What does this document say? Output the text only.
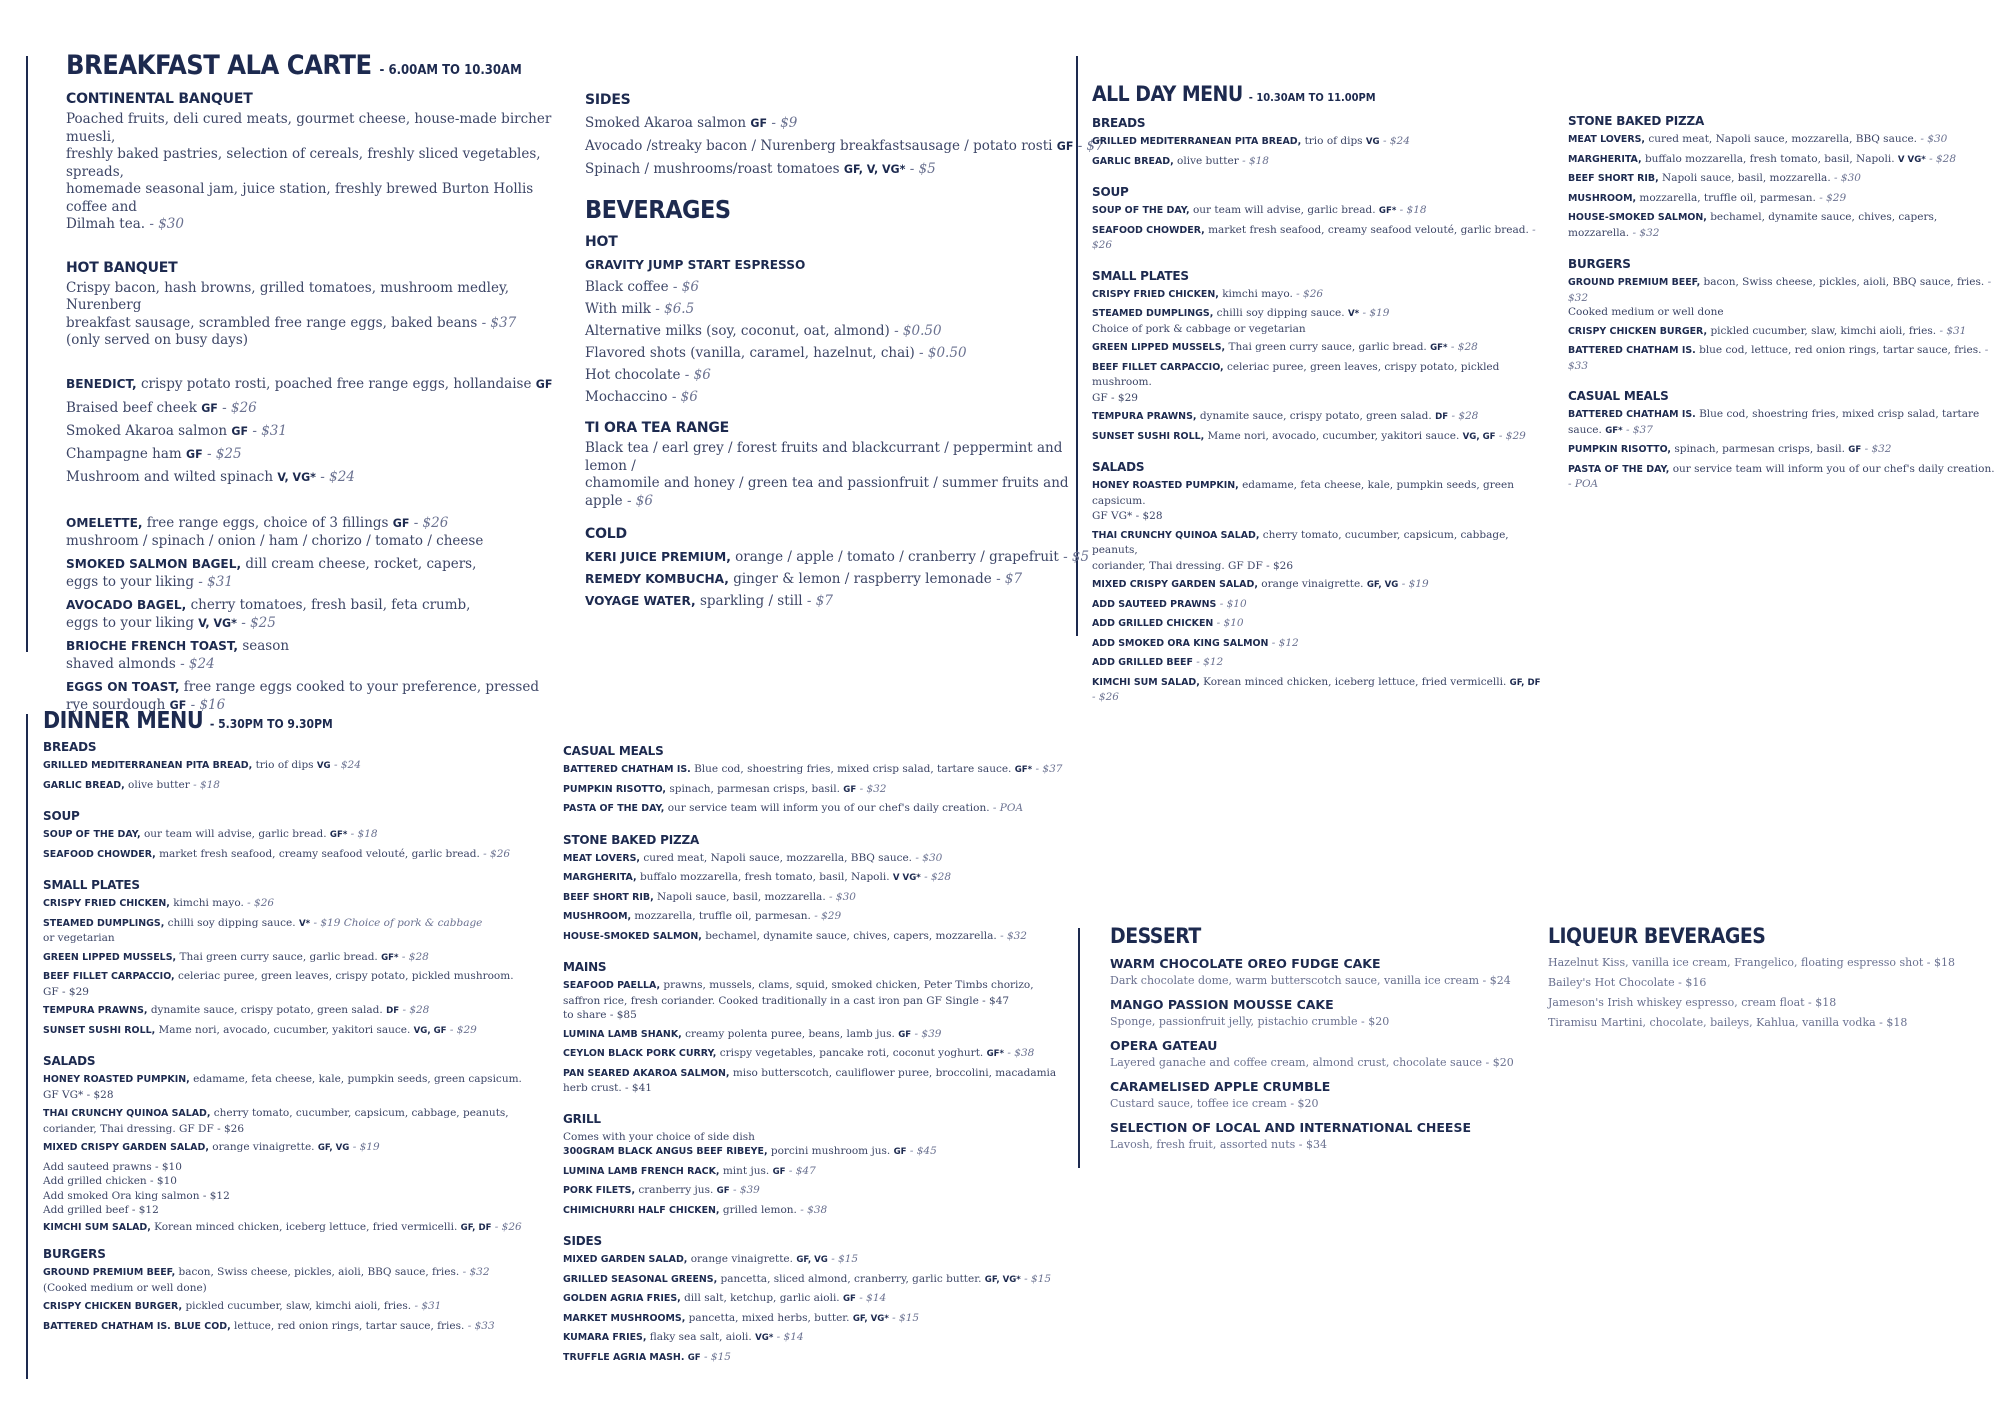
BREAKFAST ALA CARTE - 6.00AM TO 10.30AM
CONTINENTAL BANQUET
Poached fruits, deli cured meats, gourmet cheese, house-made bircher muesli,
freshly baked pastries, selection of cereals, freshly sliced vegetables, spreads,
homemade seasonal jam, juice station, freshly brewed Burton Hollis coffee and
Dilmah tea. - $30
HOT BANQUET
Crispy bacon, hash browns, grilled tomatoes, mushroom medley, Nurenberg
breakfast sausage, scrambled free range eggs, baked beans - $37
(only served on busy days)
BENEDICT, crispy potato rosti, poached free range eggs, hollandaise GF
Braised beef cheek GF - $26
Smoked Akaroa salmon GF - $31
Champagne ham GF - $25
Mushroom and wilted spinach V, VG* - $24
OMELETTE, free range eggs, choice of 3 fillings GF - $26
mushroom / spinach / onion / ham / chorizo / tomato / cheese
SMOKED SALMON BAGEL, dill cream cheese, rocket, capers,
eggs to your liking - $31
AVOCADO BAGEL, cherry tomatoes, fresh basil, feta crumb,
eggs to your liking V, VG* - $25
BRIOCHE FRENCH TOAST, season
shaved almonds - $24
EGGS ON TOAST, free range eggs cooked to your preference, pressed
rye sourdough GF - $16
SIDES
Smoked Akaroa salmon GF - $9
Avocado /streaky bacon / Nurenberg breakfastsausage / potato rosti GF - $7
Spinach / mushrooms/roast tomatoes GF, V, VG* - $5
BEVERAGES
HOT
GRAVITY JUMP START ESPRESSO
Black coffee - $6
With milk - $6.5
Alternative milks (soy, coconut, oat, almond) - $0.50
Flavored shots (vanilla, caramel, hazelnut, chai) - $0.50
Hot chocolate - $6
Mochaccino - $6
TI ORA TEA RANGE
Black tea / earl grey / forest fruits and blackcurrant / peppermint and lemon /
chamomile and honey / green tea and passionfruit / summer fruits and apple - $6
COLD
KERI JUICE PREMIUM, orange / apple / tomato / cranberry / grapefruit - $5
REMEDY KOMBUCHA, ginger & lemon / raspberry lemonade - $7
VOYAGE WATER, sparkling / still - $7
ALL DAY MENU - 10.30AM TO 11.00PM
BREADS
GRILLED MEDITERRANEAN PITA BREAD, trio of dips VG - $24
GARLIC BREAD, olive butter - $18
SOUP
SOUP OF THE DAY, our team will advise, garlic bread. GF* - $18
SEAFOOD CHOWDER, market fresh seafood, creamy seafood velouté, garlic bread. - $26
SMALL PLATES
CRISPY FRIED CHICKEN, kimchi mayo. - $26
STEAMED DUMPLINGS, chilli soy dipping sauce. V* - $19
Choice of pork & cabbage or vegetarian
GREEN LIPPED MUSSELS, Thai green curry sauce, garlic bread. GF* - $28
BEEF FILLET CARPACCIO, celeriac puree, green leaves, crispy potato, pickled mushroom.
GF - $29
TEMPURA PRAWNS, dynamite sauce, crispy potato, green salad. DF - $28
SUNSET SUSHI ROLL, Mame nori, avocado, cucumber, yakitori sauce. VG, GF - $29
SALADS
HONEY ROASTED PUMPKIN, edamame, feta cheese, kale, pumpkin seeds, green capsicum.
GF VG* - $28
THAI CRUNCHY QUINOA SALAD, cherry tomato, cucumber, capsicum, cabbage, peanuts,
coriander, Thai dressing. GF DF - $26
MIXED CRISPY GARDEN SALAD, orange vinaigrette. GF, VG - $19
ADD SAUTEED PRAWNS - $10
ADD GRILLED CHICKEN - $10
ADD SMOKED ORA KING SALMON - $12
ADD GRILLED BEEF - $12
KIMCHI SUM SALAD, Korean minced chicken, iceberg lettuce, fried vermicelli. GF, DF - $26
STONE BAKED PIZZA
MEAT LOVERS, cured meat, Napoli sauce, mozzarella, BBQ sauce. - $30
MARGHERITA, buffalo mozzarella, fresh tomato, basil, Napoli. V VG* - $28
BEEF SHORT RIB, Napoli sauce, basil, mozzarella. - $30
MUSHROOM, mozzarella, truffle oil, parmesan. - $29
HOUSE-SMOKED SALMON, bechamel, dynamite sauce, chives, capers, mozzarella. - $32
BURGERS
GROUND PREMIUM BEEF, bacon, Swiss cheese, pickles, aioli, BBQ sauce, fries. - $32
Cooked medium or well done
CRISPY CHICKEN BURGER, pickled cucumber, slaw, kimchi aioli, fries. - $31
BATTERED CHATHAM IS. blue cod, lettuce, red onion rings, tartar sauce, fries. - $33
CASUAL MEALS
BATTERED CHATHAM IS. Blue cod, shoestring fries, mixed crisp salad, tartare sauce. GF* - $37
PUMPKIN RISOTTO, spinach, parmesan crisps, basil. GF - $32
PASTA OF THE DAY, our service team will inform you of our chef's daily creation. - POA
DINNER MENU - 5.30PM TO 9.30PM
BREADS
GRILLED MEDITERRANEAN PITA BREAD, trio of dips VG - $24
GARLIC BREAD, olive butter - $18
SOUP
SOUP OF THE DAY, our team will advise, garlic bread. GF* - $18
SEAFOOD CHOWDER, market fresh seafood, creamy seafood velouté, garlic bread. - $26
SMALL PLATES
CRISPY FRIED CHICKEN, kimchi mayo. - $26
STEAMED DUMPLINGS, chilli soy dipping sauce. V* - $19 Choice of pork & cabbage
or vegetarian
GREEN LIPPED MUSSELS, Thai green curry sauce, garlic bread. GF* - $28
BEEF FILLET CARPACCIO, celeriac puree, green leaves, crispy potato, pickled mushroom.
GF - $29
TEMPURA PRAWNS, dynamite sauce, crispy potato, green salad. DF - $28
SUNSET SUSHI ROLL, Mame nori, avocado, cucumber, yakitori sauce. VG, GF - $29
SALADS
HONEY ROASTED PUMPKIN, edamame, feta cheese, kale, pumpkin seeds, green capsicum.
GF VG* - $28
THAI CRUNCHY QUINOA SALAD, cherry tomato, cucumber, capsicum, cabbage, peanuts,
coriander, Thai dressing. GF DF - $26
MIXED CRISPY GARDEN SALAD, orange vinaigrette. GF, VG - $19
Add sauteed prawns - $10
Add grilled chicken - $10
Add smoked Ora king salmon - $12
Add grilled beef - $12
KIMCHI SUM SALAD, Korean minced chicken, iceberg lettuce, fried vermicelli. GF, DF - $26
BURGERS
GROUND PREMIUM BEEF, bacon, Swiss cheese, pickles, aioli, BBQ sauce, fries. - $32
(Cooked medium or well done)
CRISPY CHICKEN BURGER, pickled cucumber, slaw, kimchi aioli, fries. - $31
BATTERED CHATHAM IS. BLUE COD, lettuce, red onion rings, tartar sauce, fries. - $33
CASUAL MEALS
BATTERED CHATHAM IS. Blue cod, shoestring fries, mixed crisp salad, tartare sauce. GF* - $37
PUMPKIN RISOTTO, spinach, parmesan crisps, basil. GF - $32
PASTA OF THE DAY, our service team will inform you of our chef's daily creation. - POA
STONE BAKED PIZZA
MEAT LOVERS, cured meat, Napoli sauce, mozzarella, BBQ sauce. - $30
MARGHERITA, buffalo mozzarella, fresh tomato, basil, Napoli. V VG* - $28
BEEF SHORT RIB, Napoli sauce, basil, mozzarella. - $30
MUSHROOM, mozzarella, truffle oil, parmesan. - $29
HOUSE-SMOKED SALMON, bechamel, dynamite sauce, chives, capers, mozzarella. - $32
MAINS
SEAFOOD PAELLA, prawns, mussels, clams, squid, smoked chicken, Peter Timbs chorizo,
saffron rice, fresh coriander. Cooked traditionally in a cast iron pan GF Single - $47
to share - $85
LUMINA LAMB SHANK, creamy polenta puree, beans, lamb jus. GF - $39
CEYLON BLACK PORK CURRY, crispy vegetables, pancake roti, coconut yoghurt. GF* - $38
PAN SEARED AKAROA SALMON, miso butterscotch, cauliflower puree, broccolini, macadamia
herb crust. - $41
GRILL
Comes with your choice of side dish
300GRAM BLACK ANGUS BEEF RIBEYE, porcini mushroom jus. GF - $45
LUMINA LAMB FRENCH RACK, mint jus. GF - $47
PORK FILETS, cranberry jus. GF - $39
CHIMICHURRI HALF CHICKEN, grilled lemon. - $38
SIDES
MIXED GARDEN SALAD, orange vinaigrette. GF, VG - $15
GRILLED SEASONAL GREENS, pancetta, sliced almond, cranberry, garlic butter. GF, VG* - $15
GOLDEN AGRIA FRIES, dill salt, ketchup, garlic aioli. GF - $14
MARKET MUSHROOMS, pancetta, mixed herbs, butter. GF, VG* - $15
KUMARA FRIES, flaky sea salt, aioli. VG* - $14
TRUFFLE AGRIA MASH. GF - $15
DESSERT
WARM CHOCOLATE OREO FUDGE CAKE
Dark chocolate dome, warm butterscotch sauce, vanilla ice cream - $24
MANGO PASSION MOUSSE CAKE
Sponge, passionfruit jelly, pistachio crumble - $20
OPERA GATEAU
Layered ganache and coffee cream, almond crust, chocolate sauce - $20
CARAMELISED APPLE CRUMBLE
Custard sauce, toffee ice cream - $20
SELECTION OF LOCAL AND INTERNATIONAL CHEESE
Lavosh, fresh fruit, assorted nuts - $34
LIQUEUR BEVERAGES
Hazelnut Kiss, vanilla ice cream, Frangelico, floating espresso shot - $18
Bailey's Hot Chocolate - $16
Jameson's Irish whiskey espresso, cream float - $18
Tiramisu Martini, chocolate, baileys, Kahlua, vanilla vodka - $18
